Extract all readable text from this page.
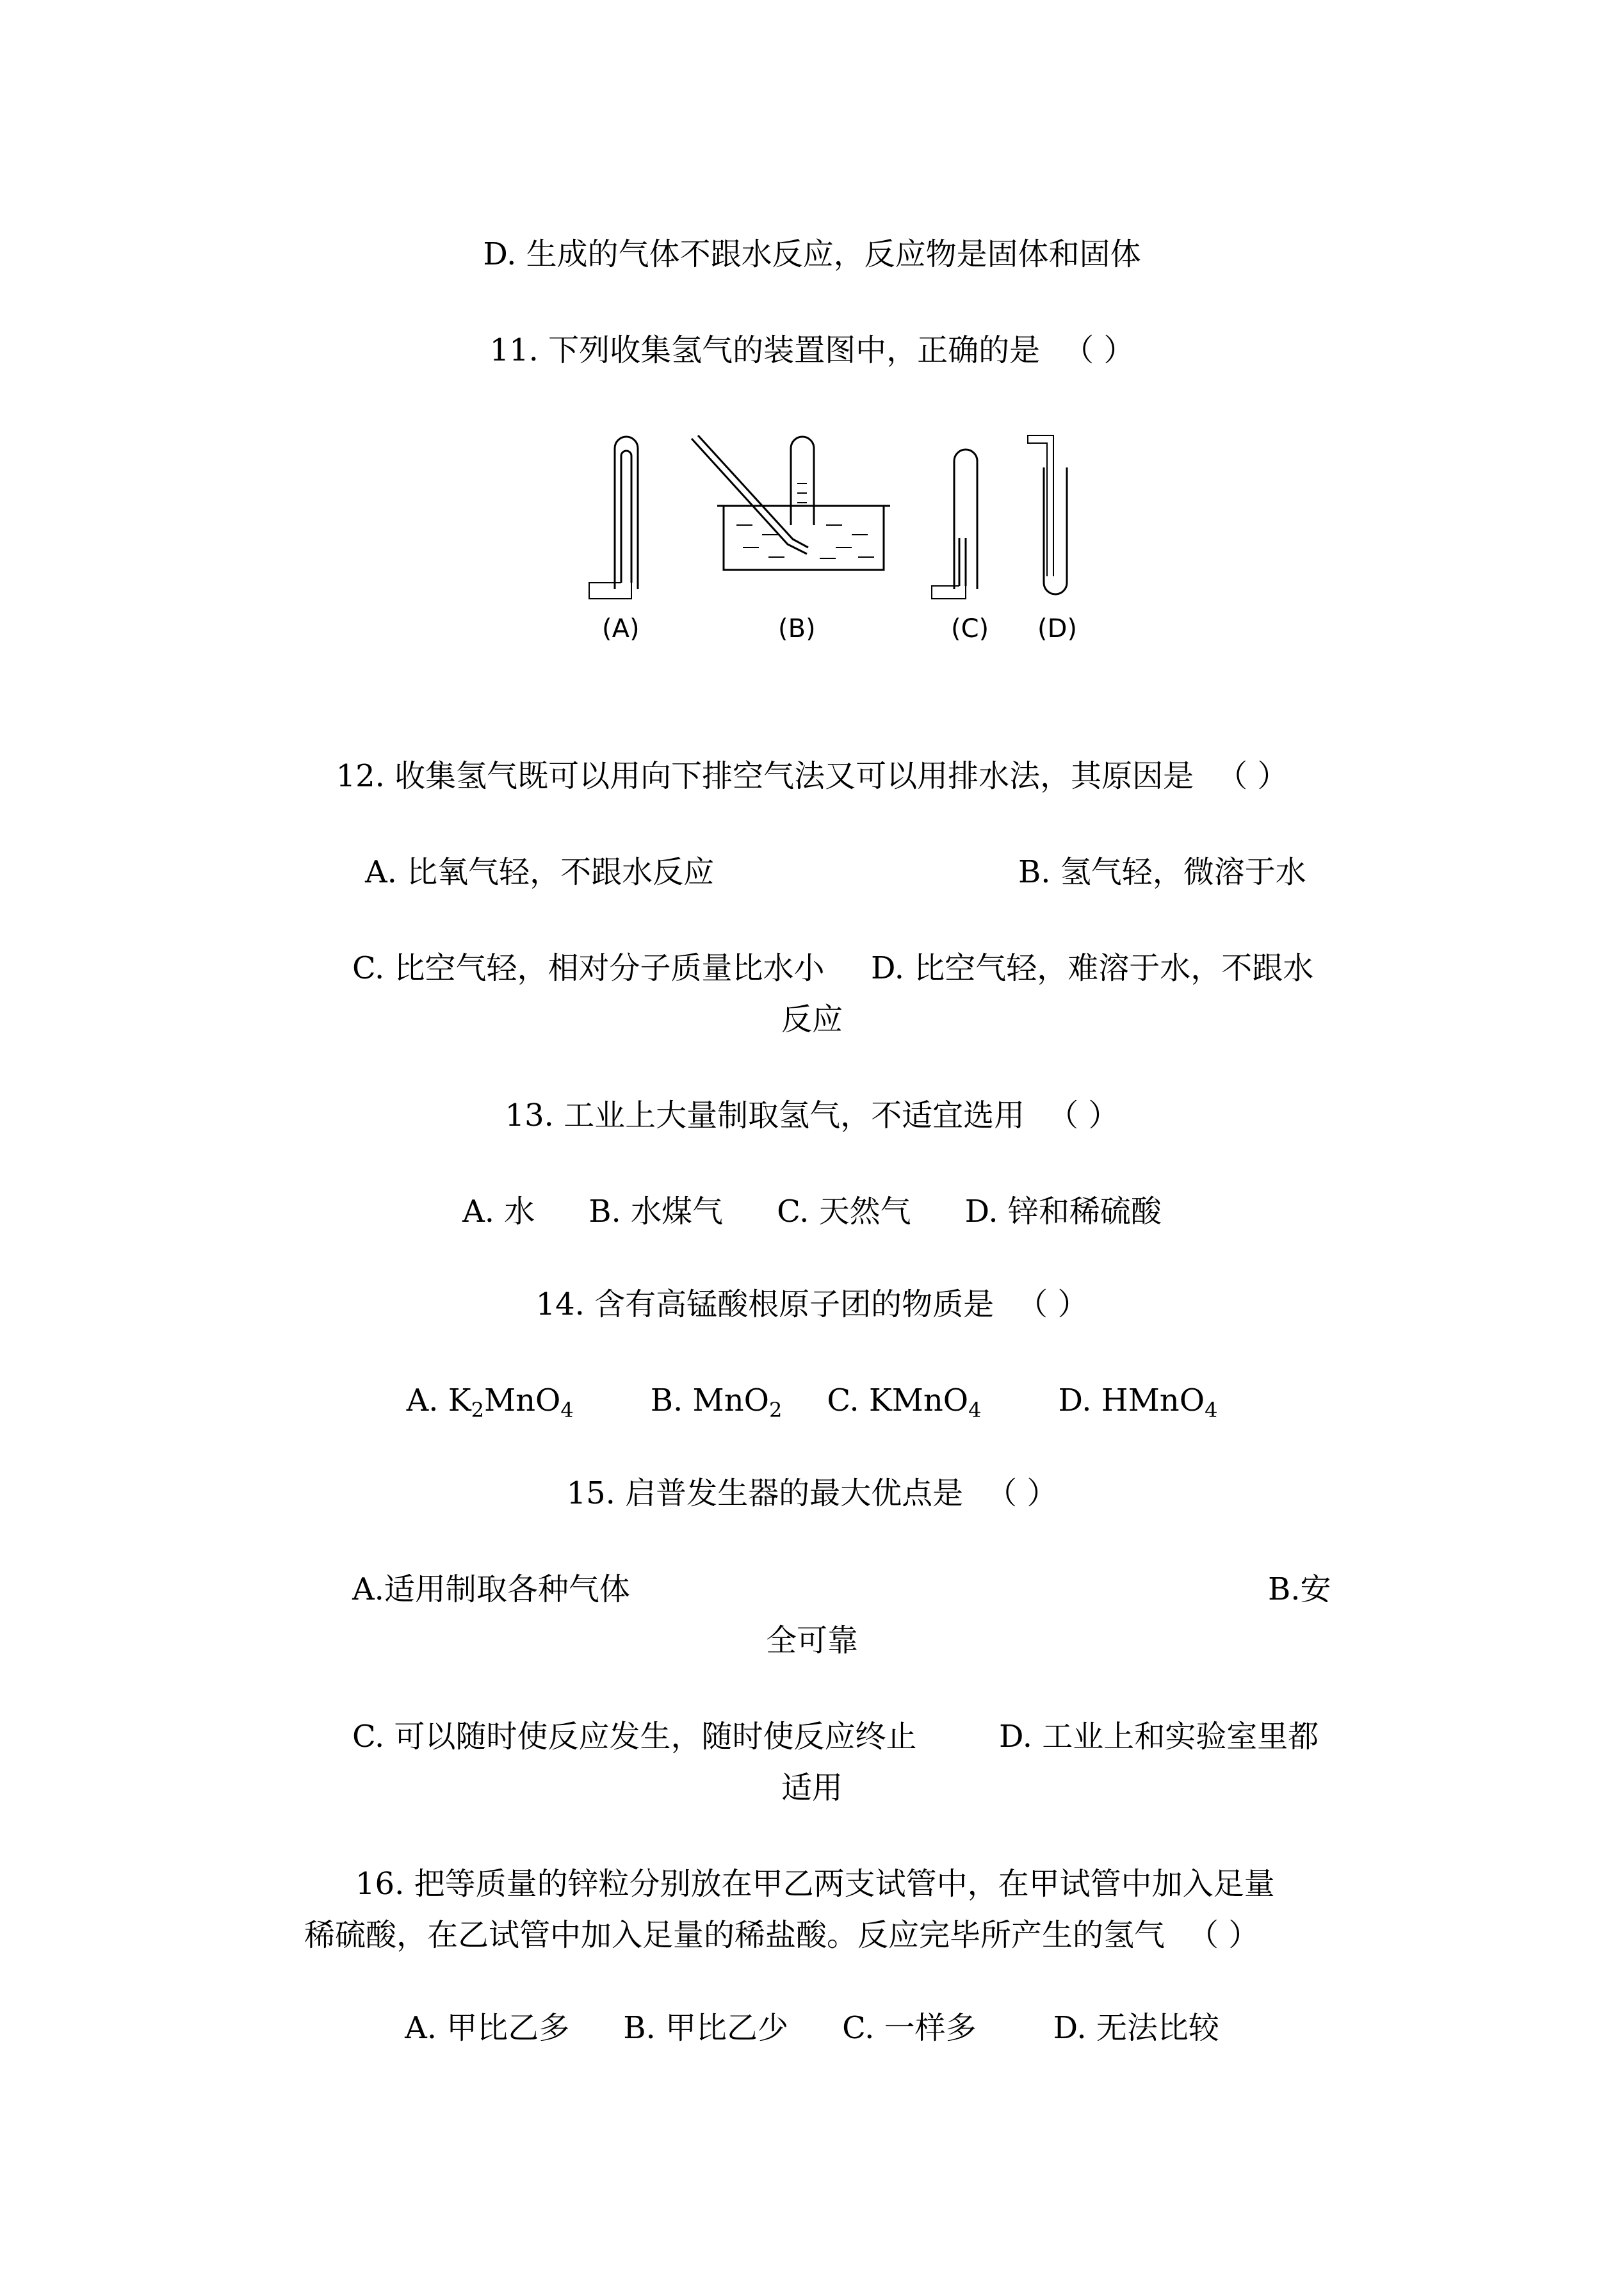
D. 生成的气体不跟水反应，反应物是固体和固体
11. 下列收集氢气的装置图中，正确的是 （ ）
(A)	(B)	(C) (D)
12. 收集氢气既可以用向下排空气法又可以用排水法，其原因是 （ ）
A. 比氧气轻，不跟水反应	B. 氢气轻，微溶于水
C. 比空气轻，相对分子质量比水小 D. 比空气轻，难溶于水，不跟水
反应
13. 工业上大量制取氢气，不适宜选用 （ ）
A. 水 B. 水煤气 C. 天然气 D. 锌和稀硫酸
14. 含有高锰酸根原子团的物质是 （ ）
A. $K_2MnO_4$	B. MnO$_2$ C. KMnO$_4$	D. HMnO$_4$
15. 启普发生器的最大优点是 （ ）
A.适用制取各种气体	B.安
全可靠
C. 可以随时使反应发生，随时使反应终止	D. 工业上和实验室里都
适用
16. 把等质量的锌粒分别放在甲乙两支试管中，在甲试管中加入足量
稀硫酸，在乙试管中加入足量的稀盐酸。反应完毕所产生的氢气 （ ）
A. 甲比乙多 B. 甲比乙少 C. 一样多	D. 无法比较
